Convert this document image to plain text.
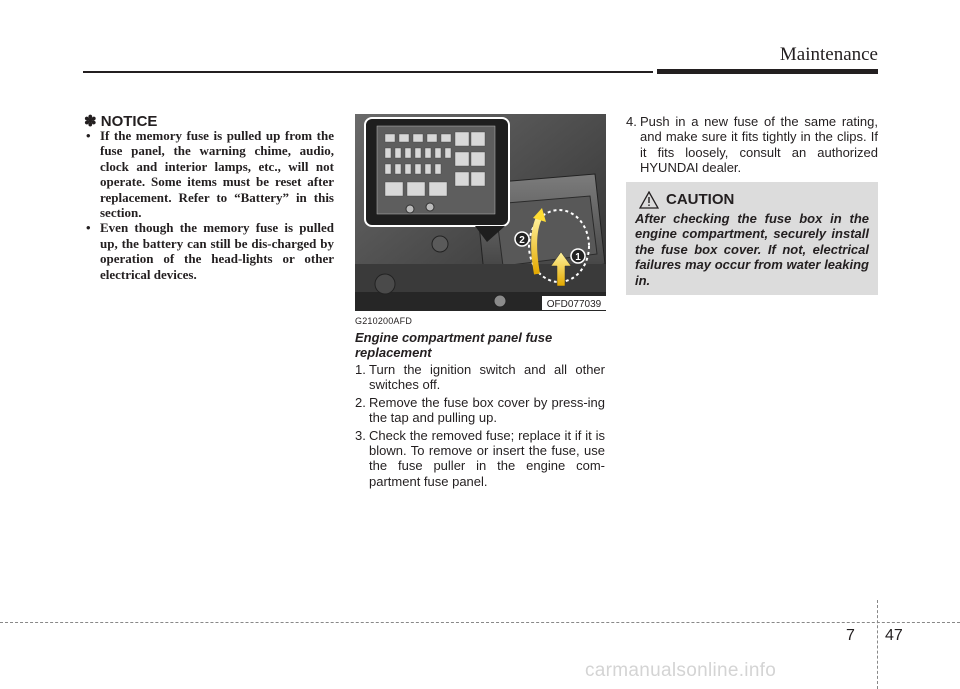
Maintenance
✽ NOTICE

• If the memory fuse is pulled up from the fuse panel, the warning chime, audio, clock and interior lamps, etc., will not operate. Some items must be reset after replacement. Refer to “Battery” in this section.

• Even though the memory fuse is pulled up, the battery can still be dis-charged by operation of the head-lights or other electrical devices.

2
1
OFD077039
G210200AFD
Engine compartment panel fuse replacement

1. Turn the ignition switch and all other switches off.

2. Remove the fuse box cover by press-ing the tap and pulling up.

3. Check the removed fuse; replace it if it is blown. To remove or insert the fuse, use the fuse puller in the engine com-partment fuse panel.

4. Push in a new fuse of the same rating, and make sure it fits tightly in the clips. If it fits loosely, consult an authorized HYUNDAI dealer.

CAUTION
After checking the fuse box in the engine compartment, securely install the fuse box cover. If not, electrical failures may occur from water leaking in.
7 47
carmanualsonline.info
